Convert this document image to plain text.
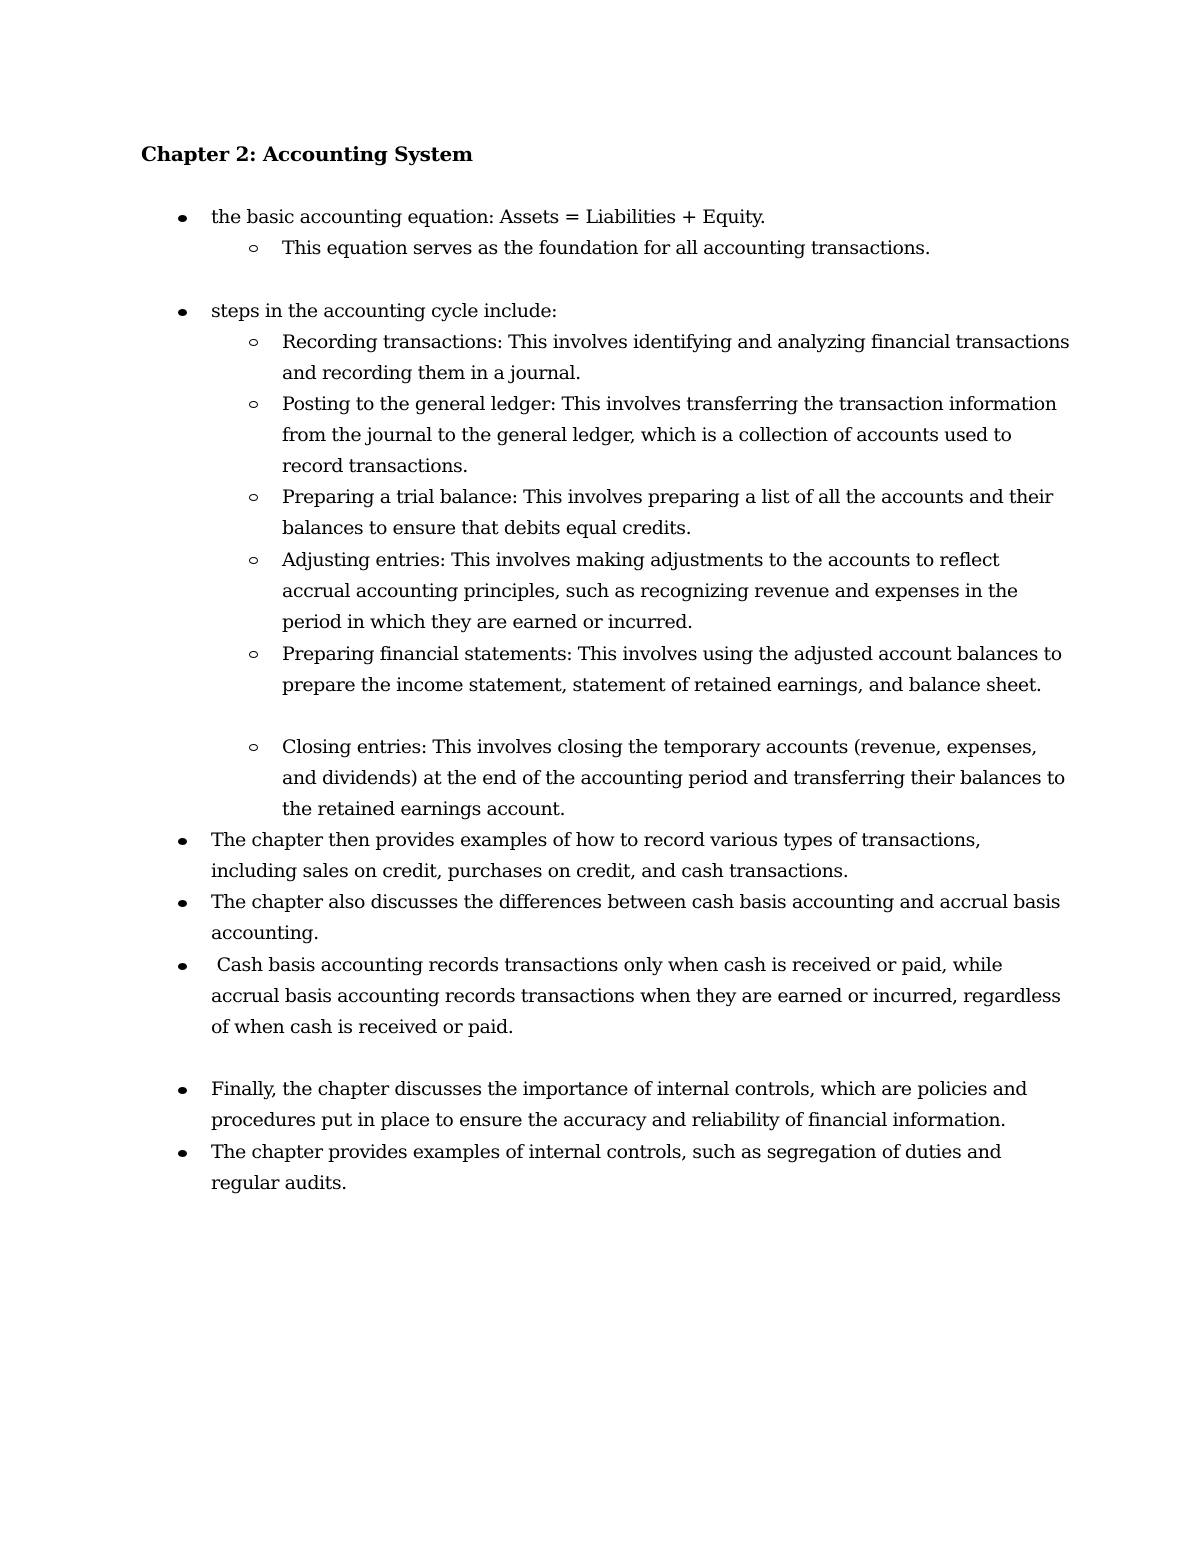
Chapter 2: Accounting System
the basic accounting equation: Assets = Liabilities + Equity.
This equation serves as the foundation for all accounting transactions.
steps in the accounting cycle include:
Recording transactions: This involves identifying and analyzing financial transactions and recording them in a journal.
Posting to the general ledger: This involves transferring the transaction information from the journal to the general ledger, which is a collection of accounts used to record transactions.
Preparing a trial balance: This involves preparing a list of all the accounts and their balances to ensure that debits equal credits.
Adjusting entries: This involves making adjustments to the accounts to reflect accrual accounting principles, such as recognizing revenue and expenses in the period in which they are earned or incurred.
Preparing financial statements: This involves using the adjusted account balances to prepare the income statement, statement of retained earnings, and balance sheet.
Closing entries: This involves closing the temporary accounts (revenue, expenses, and dividends) at the end of the accounting period and transferring their balances to the retained earnings account.
The chapter then provides examples of how to record various types of transactions, including sales on credit, purchases on credit, and cash transactions.
The chapter also discusses the differences between cash basis accounting and accrual basis accounting.
Cash basis accounting records transactions only when cash is received or paid, while accrual basis accounting records transactions when they are earned or incurred, regardless of when cash is received or paid.
Finally, the chapter discusses the importance of internal controls, which are policies and procedures put in place to ensure the accuracy and reliability of financial information.
The chapter provides examples of internal controls, such as segregation of duties and regular audits.
